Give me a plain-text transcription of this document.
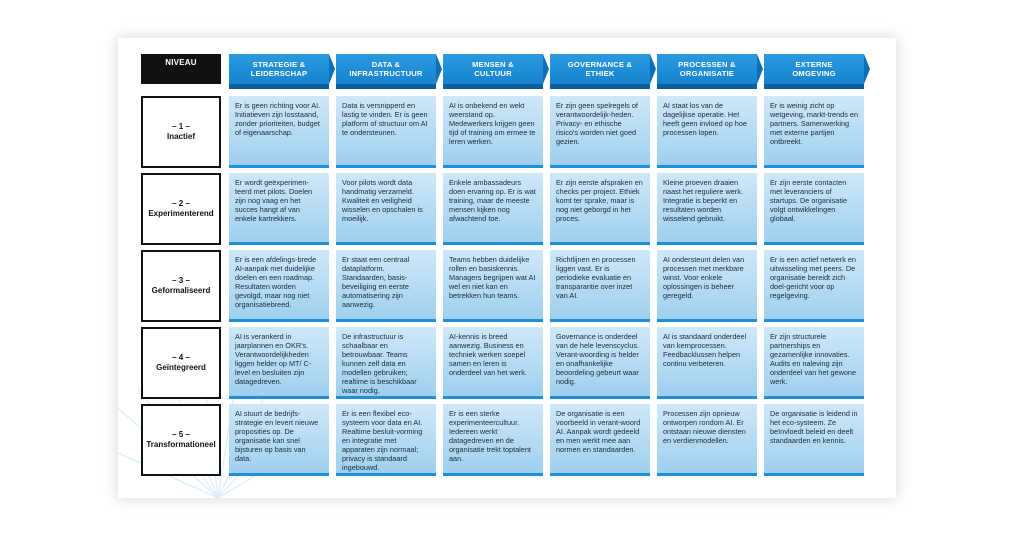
NIVEAU	STRATEGIE &
LEIDERSCHAP
DATA &
INFRASTRUCTUUR
MENSEN &
CULTUUR
GOVERNANCE &
ETHIEK
PROCESSEN &
ORGANISATIE
EXTERNE
OMGEVING
– 1 –
Inactief
Er is geen richting voor AI. Initiatieven zijn losstaand, zonder prioriteiten, budget of eigenaarschap.
Data is versnipperd en lastig te vinden. Er is geen platform of structuur om AI te ondersteunen.
AI is onbekend en wekt weerstand op. Medewerkers krijgen geen tijd of training om ermee te leren werken.
Er zijn geen spelregels of verantwoordelijk-heden. Privacy- en ethische risico's worden niet goed gezien.
AI staat los van de dagelijkse operatie. Het heeft geen invloed op hoe processen lopen.
Er is weinig zicht op wetgeving, markt-trends en partners. Samenwerking met externe partijen ontbreekt.
– 2 –
Experimenterend
Er wordt geëxperimen-teerd met pilots. Doelen zijn nog vaag en het succes hangt af van enkele kartrekkers.
Voor pilots wordt data handmatig verzameld. Kwaliteit en veiligheid wisselen en opschalen is moeilijk.
Enkele ambassadeurs doen ervaring op. Er is wat training, maar de meeste mensen kijken nog afwachtend toe.
Er zijn eerste afspraken en checks per project. Ethiek komt ter sprake, maar is nog niet geborgd in het proces.
Kleine proeven draaien naast het reguliere werk. Integratie is beperkt en resultaten worden wisselend gebruikt.
Er zijn eerste contacten met leveranciers of startups. De organisatie volgt ontwikkelingen globaal.
– 3 –
Geformaliseerd
Er is een afdelings-brede AI-aanpak met duidelijke doelen en een roadmap. Resultaten worden gevolgd, maar nog niet organisatiebreed.
Er staat een centraal dataplatform. Standaarden, basis-beveiliging en eerste automatisering zijn aanwezig.
Teams hebben duidelijke rollen en basiskennis. Managers begrijpen wat AI wel en niet kan en betrekken hun teams.
Richtlijnen en processen liggen vast. Er is periodieke evaluatie en transparantie over inzet van AI.
AI ondersteunt delen van processen met merkbare winst. Voor enkele oplossingen is beheer geregeld.
Er is een actief netwerk en uitwisseling met peers. De organisatie bereidt zich doel-gericht voor op regelgeving.
– 4 –
Geïntegreerd
AI is verankerd in jaarplannen en OKR's. Verantwoordelijkheden liggen helder op MT/ C-level en besluiten zijn datagedreven.
De infrastructuur is schaalbaar en betrouwbaar. Teams kunnen zelf data en modellen gebruiken; realtime is beschikbaar waar nodig.
AI-kennis is breed aanwezig. Business en techniek werken soepel samen en leren is onderdeel van het werk.
Governance is onderdeel van de hele levenscyclus. Verant-woording is helder en onafhankelijke beoordeling gebeurt waar nodig.
AI is standaard onderdeel van kernprocessen. Feedbacklussen helpen continu verbeteren.
Er zijn structurele partnerships en gezamenlijke innovaties. Audits en naleving zijn onderdeel van het gewone werk.
– 5 –
Transformationeel
AI stuurt de bedrijfs-strategie en levert nieuwe proposities op. De organisatie kan snel bijsturen op basis van data.
Er is een flexibel eco-systeem voor data en AI. Realtime besluit-vorming en integratie met apparaten zijn normaal; privacy is standaard ingebouwd.
Er is een sterke experimenteercultuur. Iedereen werkt datagedreven en de organisatie trekt toptalent aan.
De organisatie is een voorbeeld in verant-woord AI. Aanpak wordt gedeeld en men werkt mee aan normen en standaarden.
Processen zijn opnieuw ontworpen rondom AI. Er ontstaan nieuwe diensten en verdienmodellen.
De organisatie is leidend in het eco-systeem. Ze beïnvloedt beleid en deelt standaarden en kennis.
